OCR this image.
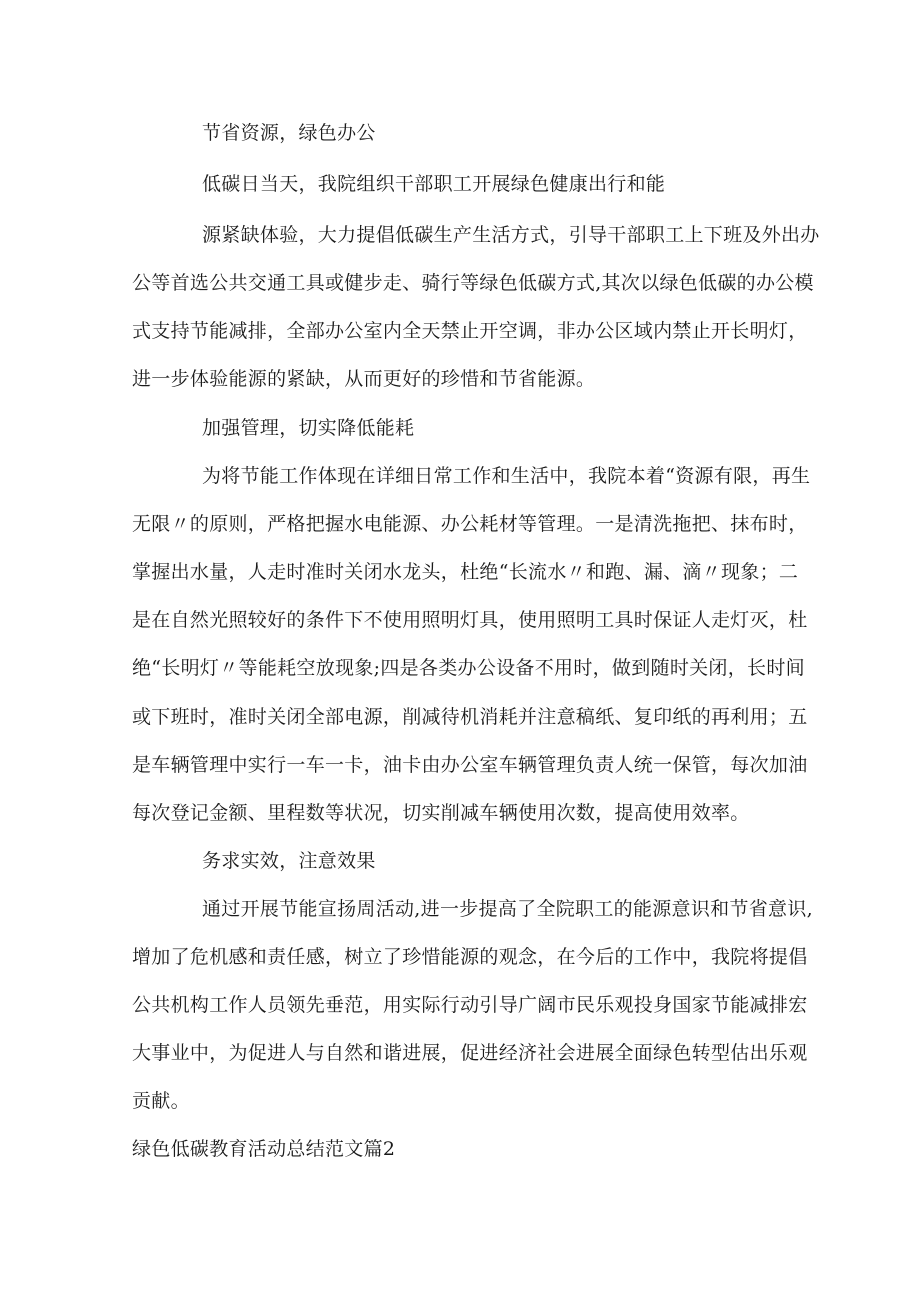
节省资源，绿色办公
低碳日当天，我院组织干部职工开展绿色健康出行和能
源紧缺体验，大力提倡低碳生产生活方式，引导干部职工上下班及外出办
公等首选公共交通工具或健步走、骑行等绿色低碳方式,其次以绿色低碳的办公模
式支持节能减排，全部办公室内全天禁止开空调，非办公区域内禁止开长明灯，
进一步体验能源的紧缺，从而更好的珍惜和节省能源。
加强管理，切实降低能耗
为将节能工作体现在详细日常工作和生活中，我院本着“资源有限，再生
无限〃的原则，严格把握水电能源、办公耗材等管理。一是清洗拖把、抹布时，
掌握出水量，人走时准时关闭水龙头，杜绝“长流水〃和跑、漏、滴〃现象；二
是在自然光照较好的条件下不使用照明灯具，使用照明工具时保证人走灯灭，杜
绝“长明灯〃等能耗空放现象;四是各类办公设备不用时，做到随时关闭，长时间
或下班时，准时关闭全部电源，削减待机消耗并注意稿纸、复印纸的再利用；五
是车辆管理中实行一车一卡，油卡由办公室车辆管理负责人统一保管，每次加油
每次登记金额、里程数等状况，切实削减车辆使用次数，提高使用效率。
务求实效，注意效果
通过开展节能宣扬周活动,进一步提高了全院职工的能源意识和节省意识,
增加了危机感和责任感，树立了珍惜能源的观念，在今后的工作中，我院将提倡
公共机构工作人员领先垂范，用实际行动引导广阔市民乐观投身国家节能减排宏
大事业中，为促进人与自然和谐进展，促进经济社会进展全面绿色转型估出乐观
贡献。
绿色低碳教育活动总结范文篇2
